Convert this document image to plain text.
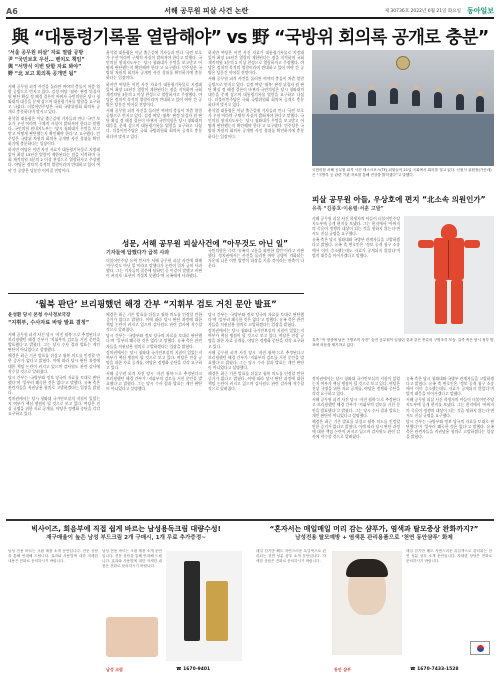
A6	서해 공무원 피살 사건 논란	제 30736호 2022년 6월 21일 화요일 동아일보
與 “대통령기록물 열람해야” vs 野 “국방위 회의록 공개로 충분”
‘서울 공무원 피살’ 자료 열람 공방
尹 “국민보호 우선… 벤치도 책임”
與 “서망식 이번 탓할 자료 봐야”
野 “北 보고 회의록 공개면 됨”

서해 공무원 피격 사건을 둘러싼 여야의 충돌이 차츰 열람 공방으로 번지고 있다. 김정 여당 ‘월북’ 판정 뒤집자 원 판단 확실 정 해경 결론이 바뀌자 국민의힘은 당시 청와대의 대응을 문제 삼으며 대통령기록물 열람을 요구하고 나섰다. 더불어민주당은 국회 국방위원회 회의록 공개로 충분하다며 맞서고 있다.

윤석열 대통령은 이날 출근길에 기자들과 만나 ‘국민 보호가 우선’이라며 구체적 사실이 밝혀져야 한다고 말했다. 국민의힘 원내지도부는 ‘당시 청와대가 무엇을 보고받고 어떻게 판단했는지 확인해야 한다’고 요구했다. 민주당은 국방위 차원의 회의록 공개면 사건 경위를 확인하기에 충분하다는 입장이다.

하지만 여당은 이번 사건 자료가 대통령기록물로 지정돼 있어 최장 15년간 열람이 제한된다는 점을 지적하며 국회 재적의원 3분의 2 이상 찬성으로 열람하자고 주장했다. 야당은 정치적 목적의 열람이라며 반대하고 있어 여야 간 공방은 당분간 이어질 전망이다.

윤석열 대통령은 이날 출근길에 기자들과 만나 ‘국민 보호가 우선’이라며 구체적 사실이 밝혀져야 한다고 말했다. 국민의힘 원내지도부는 ‘당시 청와대가 무엇을 보고받고 어떻게 판단했는지 확인해야 한다’고 요구했다. 민주당은 국방위 차원의 회의록 공개면 사건 경위를 확인하기에 충분하다는 입장이다.

하지만 여당은 이번 사건 자료가 대통령기록물로 지정돼 있어 최장 15년간 열람이 제한된다는 점을 지적하며 국회 재적의원 3분의 2 이상 찬성으로 열람하자고 주장했다. 야당은 정치적 목적의 열람이라며 반대하고 있어 여야 간 공방은 당분간 이어질 전망이다.

서해 공무원 피격 사건을 둘러싼 여야의 충돌이 차츰 열람 공방으로 번지고 있다. 김정 여당 ‘월북’ 판정 뒤집자 원 판단 확실 정 해경 결론이 바뀌자 국민의힘은 당시 청와대의 대응을 문제 삼으며 대통령기록물 열람을 요구하고 나섰다. 더불어민주당은 국회 국방위원회 회의록 공개로 충분하다며 맞서고 있다.

하지만 여당은 이번 사건 자료가 대통령기록물로 지정돼 있어 최장 15년간 열람이 제한된다는 점을 지적하며 국회 재적의원 3분의 2 이상 찬성으로 열람하자고 주장했다. 야당은 정치적 목적의 열람이라며 반대하고 있어 여야 간 공방은 당분간 이어질 전망이다.

서해 공무원 피격 사건을 둘러싼 여야의 충돌이 차츰 열람 공방으로 번지고 있다. 김정 여당 ‘월북’ 판정 뒤집자 원 판단 확실 정 해경 결론이 바뀌자 국민의힘은 당시 청와대의 대응을 문제 삼으며 대통령기록물 열람을 요구하고 나섰다. 더불어민주당은 국회 국방위원회 회의록 공개로 충분하다며 맞서고 있다.

윤석열 대통령은 이날 출근길에 기자들과 만나 ‘국민 보호가 우선’이라며 구체적 사실이 밝혀져야 한다고 말했다. 국민의힘 원내지도부는 ‘당시 청와대가 무엇을 보고받고 어떻게 판단했는지 확인해야 한다’고 요구했다. 민주당은 국방위 차원의 회의록 공개면 사건 경위를 확인하기에 충분하다는 입장이다.

국민의힘 서해 공무원 피격 사건 태스크포스(TF) 위원들이 21일 국회에서 회의를 열고 있다. 신원식 위원장(가운데)은 “국방부 등 관련 기관 자료를 통해 진상을 밝히겠다”고 말했다.
성문, 서해 공무원 피살사건에 “아무것도 아닌 일”
기자들에 답했다가 급히 사과
더불어민주당 유력 인사가 서해 공무원 피살 사건에 대해 ‘아무것도 아닌 일’이라고 말했다가 논란이 일자 급히 사과했다. 그는 기자들의 질문에 답하던 중 이같이 말했고 비판이 커지자 ‘표현이 적절치 못했다’며 유족에게 사과했다.
국민의힘은 즉각 ‘유족의 고통을 외면한 발언’이라고 비판했다. 정치권에서는 사건을 둘러싼 여야 공방이 격화되는 가운데 나온 이번 발언이 파장을 키울 것이라는 관측이 나온다.
피살 공무원 아들, 우상호에 편지 “北소속 의원인가”
유족 “김종호·이용렬·서훈 고발”

서해 공무원 피살 사건 희생자의 아들이 더불어민주당 지도부에 공개 편지를 보냈다. 그는 편지에서 ‘아버지의 죽음이 정쟁의 대상이 되는 것을 원하지 않는다’면서도 진실 규명을 요구했다.

유족 측은 당시 청와대와 국방부 관계자들을 고발하겠다고 밝혔다. 유족 측 변호인은 ‘정보 공개 청구 소송에서 이미 승소했는데도 자료가 공개되지 않았다’며 법적 대응을 이어가겠다고 말했다.

유족 “이 영상에 남은 구명조끼 사진” 숨진 공무원이 입었던 것과 같은 종류의 구명조끼 모습. 유족 측은 당시 정부 발표에 의문을 제기하고 있다.
‘월북 판단’ 브리핑했던 해경 간부 “지휘부 검토 거친 문안 발표”
윤성환 당시 본청 수사정보국장
“지휘부, 수사자료 바탕 발표 결정”

서해 공무원 피격 사건 당시 ‘자진 월북’으로 추정된다고 브리핑했던 해경 간부가 ‘지휘부의 검토를 거친 문안을 발표했다’고 밝혔다. 그는 당시 수사 결과 발표는 개인 판단이 아니었다고 설명했다.

해경은 최근 기존 발표를 뒤집고 월북 의도를 인정할 만한 증거가 없다고 밝혔다. 이에 따라 당시 판단 과정에 대한 책임 논란이 커지고 있으며 감사원도 관련 감사에 착수할 것으로 알려졌다.

당시 간부는 ‘국방부와 정보 당국의 자료를 토대로 판단했다’며 ‘일부러 왜곡한 것은 없다’고 말했다. 유족 측은 관련자들을 직권남용 혐의로 고발하겠다는 입장을 밝혔다.

정치권에서는 당시 청와대 국가안보실의 지침이 있었는지 여부가 핵심 쟁점이 될 것으로 보고 있다. 여당은 진상 규명을 위한 자료 공개를, 야당은 정쟁화 중단을 각각 요구하고 있다.

해경은 최근 기존 발표를 뒤집고 월북 의도를 인정할 만한 증거가 없다고 밝혔다. 이에 따라 당시 판단 과정에 대한 책임 논란이 커지고 있으며 감사원도 관련 감사에 착수할 것으로 알려졌다.

당시 간부는 ‘국방부와 정보 당국의 자료를 토대로 판단했다’며 ‘일부러 왜곡한 것은 없다’고 말했다. 유족 측은 관련자들을 직권남용 혐의로 고발하겠다는 입장을 밝혔다.

정치권에서는 당시 청와대 국가안보실의 지침이 있었는지 여부가 핵심 쟁점이 될 것으로 보고 있다. 여당은 진상 규명을 위한 자료 공개를, 야당은 정쟁화 중단을 각각 요구하고 있다.

서해 공무원 피격 사건 당시 ‘자진 월북’으로 추정된다고 브리핑했던 해경 간부가 ‘지휘부의 검토를 거친 문안을 발표했다’고 밝혔다. 그는 당시 수사 결과 발표는 개인 판단이 아니었다고 설명했다.

당시 간부는 ‘국방부와 정보 당국의 자료를 토대로 판단했다’며 ‘일부러 왜곡한 것은 없다’고 말했다. 유족 측은 관련자들을 직권남용 혐의로 고발하겠다는 입장을 밝혔다.

정치권에서는 당시 청와대 국가안보실의 지침이 있었는지 여부가 핵심 쟁점이 될 것으로 보고 있다. 여당은 진상 규명을 위한 자료 공개를, 야당은 정쟁화 중단을 각각 요구하고 있다.

서해 공무원 피격 사건 당시 ‘자진 월북’으로 추정된다고 브리핑했던 해경 간부가 ‘지휘부의 검토를 거친 문안을 발표했다’고 밝혔다. 그는 당시 수사 결과 발표는 개인 판단이 아니었다고 설명했다.

해경은 최근 기존 발표를 뒤집고 월북 의도를 인정할 만한 증거가 없다고 밝혔다. 이에 따라 당시 판단 과정에 대한 책임 논란이 커지고 있으며 감사원도 관련 감사에 착수할 것으로 알려졌다.

정치권에서는 당시 청와대 국가안보실의 지침이 있었는지 여부가 핵심 쟁점이 될 것으로 보고 있다. 여당은 진상 규명을 위한 자료 공개를, 야당은 정쟁화 중단을 각각 요구하고 있다.

서해 공무원 피격 사건 당시 ‘자진 월북’으로 추정된다고 브리핑했던 해경 간부가 ‘지휘부의 검토를 거친 문안을 발표했다’고 밝혔다. 그는 당시 수사 결과 발표는 개인 판단이 아니었다고 설명했다.

해경은 최근 기존 발표를 뒤집고 월북 의도를 인정할 만한 증거가 없다고 밝혔다. 이에 따라 당시 판단 과정에 대한 책임 논란이 커지고 있으며 감사원도 관련 감사에 착수할 것으로 알려졌다.

유족 측은 당시 청와대와 국방부 관계자들을 고발하겠다고 밝혔다. 유족 측 변호인은 ‘정보 공개 청구 소송에서 이미 승소했는데도 자료가 공개되지 않았다’며 법적 대응을 이어가겠다고 말했다.

서해 공무원 피살 사건 희생자의 아들이 더불어민주당 지도부에 공개 편지를 보냈다. 그는 편지에서 ‘아버지의 죽음이 정쟁의 대상이 되는 것을 원하지 않는다’면서도 진실 규명을 요구했다.

당시 간부는 ‘국방부와 정보 당국의 자료를 토대로 판단했다’며 ‘일부러 왜곡한 것은 없다’고 말했다. 유족 측은 관련자들을 직권남용 혐의로 고발하겠다는 입장을 밝혔다.

빅사이즈, 회음부에 직접 쉽게 바르는 남성용독크림 대량수성!
재구매율이 높은 남성 부드크림 2개 구매시, 1개 무료 추가증정~
남성 전용 바르는 크림 제품 소개 문안입니다. 전문 상담을 통해 안내해 드립니다. 효과와 사용법에 대한 자세한 내용은 전화로 문의하시기 바랍니다.
남성 전용 바르는 크림 제품 소개 문안입니다. 전문 상담을 통해 안내해 드립니다. 효과와 사용법에 대한 자세한 내용은 전화로 문의하시기 바랍니다.
☎ 1670-9401
남성 크림
“혼자서는 매일매일 머리 감는 샴푸가, 염색과 탈모증상 완화까지?”
남성전용 탈모예방 + 염색톤 관리용품으로 ‘천연 동안샴푸’ 화제
매일 감기만 해도 자연스러운 흑갈색으로 관리되는 천연 성분 샴푸 소개 문안입니다. 자세한 상담은 전화로 문의하시기 바랍니다.
매일 감기만 해도 자연스러운 흑갈색으로 관리되는 천연 성분 샴푸 소개 문안입니다. 자세한 상담은 전화로 문의하시기 바랍니다.
☎ 1670-7433-1528
동안 샴푸
